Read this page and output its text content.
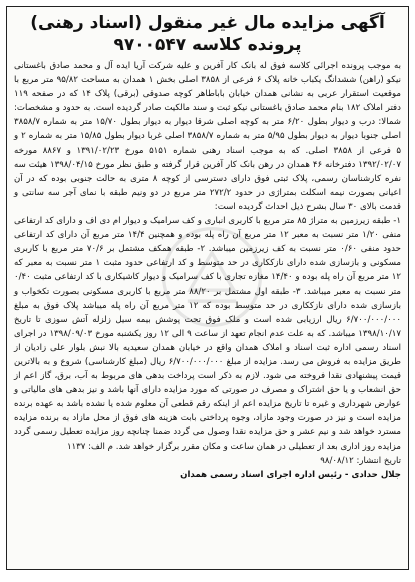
آگهی مزایده مال غیر منقول (اسناد رهنی)
پرونده کلاسه ۹۷۰۰۵۴۷

به موجب پرونده اجرائی کلاسه فوق له بانک کار آفرین و علیه شرکت آریا ایده آل و محمد صادق باغستانی نیکو (راهن) ششدانگ یکباب خانه پلاک ۶ فرعی از ۳۸۵۸ اصلی بخش ۱ همدان به مساحت ۹۵/۸۲ متر مربع با موقعیت استقرار عربی به نشانی همدان خیابان باباطاهر کوچه صدوقی (برقی) پلاک ۱۴ که در صفحه ۱۱۹ دفتر املاک ۱۸۲ بنام محمد صادق باغستانی نیکو ثبت و سند مالکیت صادر گردیده است. به حدود و مشخصات: شمالا: درب و دیوار بطول ۶/۲۰ متر به کوچه اصلی شرقا دیوار به دیوار بطول ۱۵/۷۰ متر به شماره ۳۸۵۸/۷ اصلی جنوبا دیوار به دیوار بطول ۵/۹۵ متر به شماره ۳۸۵۸/۷ اصلی غربا دیوار بطول ۱۵/۸۵ متر به شماره ۲ و ۵ فرعی از ۳۸۵۸ اصلی. که به موجب اسناد رهنی شماره ۵۱۵۱ مورخ ۱۳۹۱/۰۲/۲۳ و ۸۸۶۷ مورخه ۱۳۹۲/۰۲/۰۷ دفترخانه ۴۶ همدان در رهن بانک کار آفرین قرار گرفته و طبق نظر مورخ ۱۳۹۸/۰۴/۱۵ هیئت سه نفره کارشناسان رسمی، پلاک ثبتی فوق دارای دسترسی از کوچه ۸ متری به حالت جنوبی بوده که در آن اعیانی بصورت نیمه اسکلت بمتراژی در حدود ۲۷۲/۲ متر مربع در دو ونیم طبقه با نمای آجر سه سانتی و قدمت بالای ۳۰ سال بشرح ذیل احداث گردیده است:

۱- طبقه زیرزمین به متراژ ۸۵ متر مربع با کاربری انباری و کف سرامیک و دیوار ام دی اف و دارای کد ارتفاعی منفی ۱/۲۰ متر نسبت به معبر ۱۲ متر مربع آن راه پله بوده و همچنین ۱۴/۴ متر مربع آن دارای کد ارتفاعی حدود منفی ۰/۶۰ متر نسبت به کف زیرزمین میباشد. ۲- طبقه همکف مشتمل بر ۷۰/۶ متر مربع با کاربری مسکونی و بازسازی شده دارای نازککاری در حد متوسط و کد ارتفاعی حدود مثبت ۱ متر نسبت به معبر که ۱۲ متر مربع آن راه پله بوده و ۱۴/۴۰ مغازه تجاری با کف سرامیک و دیوار کاشیکاری با کد ارتفاعی مثبت ۰/۴۰ متر نسبت به معبر میباشد. ۳- طبقه اول مشتمل بر ۸۸/۲۰ متر مربع با کاربری مسکونی بصورت تکخواب و بازسازی شده دارای نازککاری در حد متوسط بوده که ۱۲ متر مربع آن راه پله میباشد پلاک فوق به مبلغ ۶/۷۰۰/۰۰۰/۰۰۰ ریال ارزیابی شده است و ملک فوق تحت پوشش بیمه سیل زلزله آتش سوزی تا تاریخ ۱۳۹۸/۱۰/۱۷ میباشد. که به علت عدم انجام تعهد از ساعت ۹ الی ۱۲ روز یکشنبه مورخ ۱۳۹۸/۰۹/۰۳ در اجرای اسناد رسمی اداره ثبت اسناد و املاک همدان واقع در خیابان همدان سعیدیه بالا نبش بلوار علی زادیان از طریق مزایده به فروش می رسد. مزایده از مبلغ ۶/۷۰۰/۰۰۰/۰۰۰ ریال (مبلغ کارشناسی) شروع و به بالاترین قیمت پیشنهادی نقدا فروخته می شود. لازم به ذکر است پرداخت بدهی های مربوط به آب، برق، گاز اعم از حق انشعاب و یا حق اشتراک و مصرف در صورتی که مورد مزایده دارای آنها باشد و نیز بدهی های مالیاتی و عوارض شهرداری و غیره تا تاریخ مزایده اعم از اینکه رقم قطعی آن معلوم شده یا نشده باشد به عهده برنده مزایده است و نیز در صورت وجود مازاد، وجوه پرداختی بابت هزینه های فوق از محل مازاد به برنده مزایده مسترد خواهد شد و نیم عشر و حق مزایده نقدا وصول می گردد ضمنا چنانچه روز مزایده تعطیل رسمی گردد مزایده روز اداری بعد از تعطیلی در همان ساعت و مکان مقرر برگزار خواهد شد. م الف: ۱۱۳۷

تاریخ انتشار: ۹۸/۰۸/۱۲

جلال حدادی - رئیس اداره اجرای اسناد رسمی همدان
